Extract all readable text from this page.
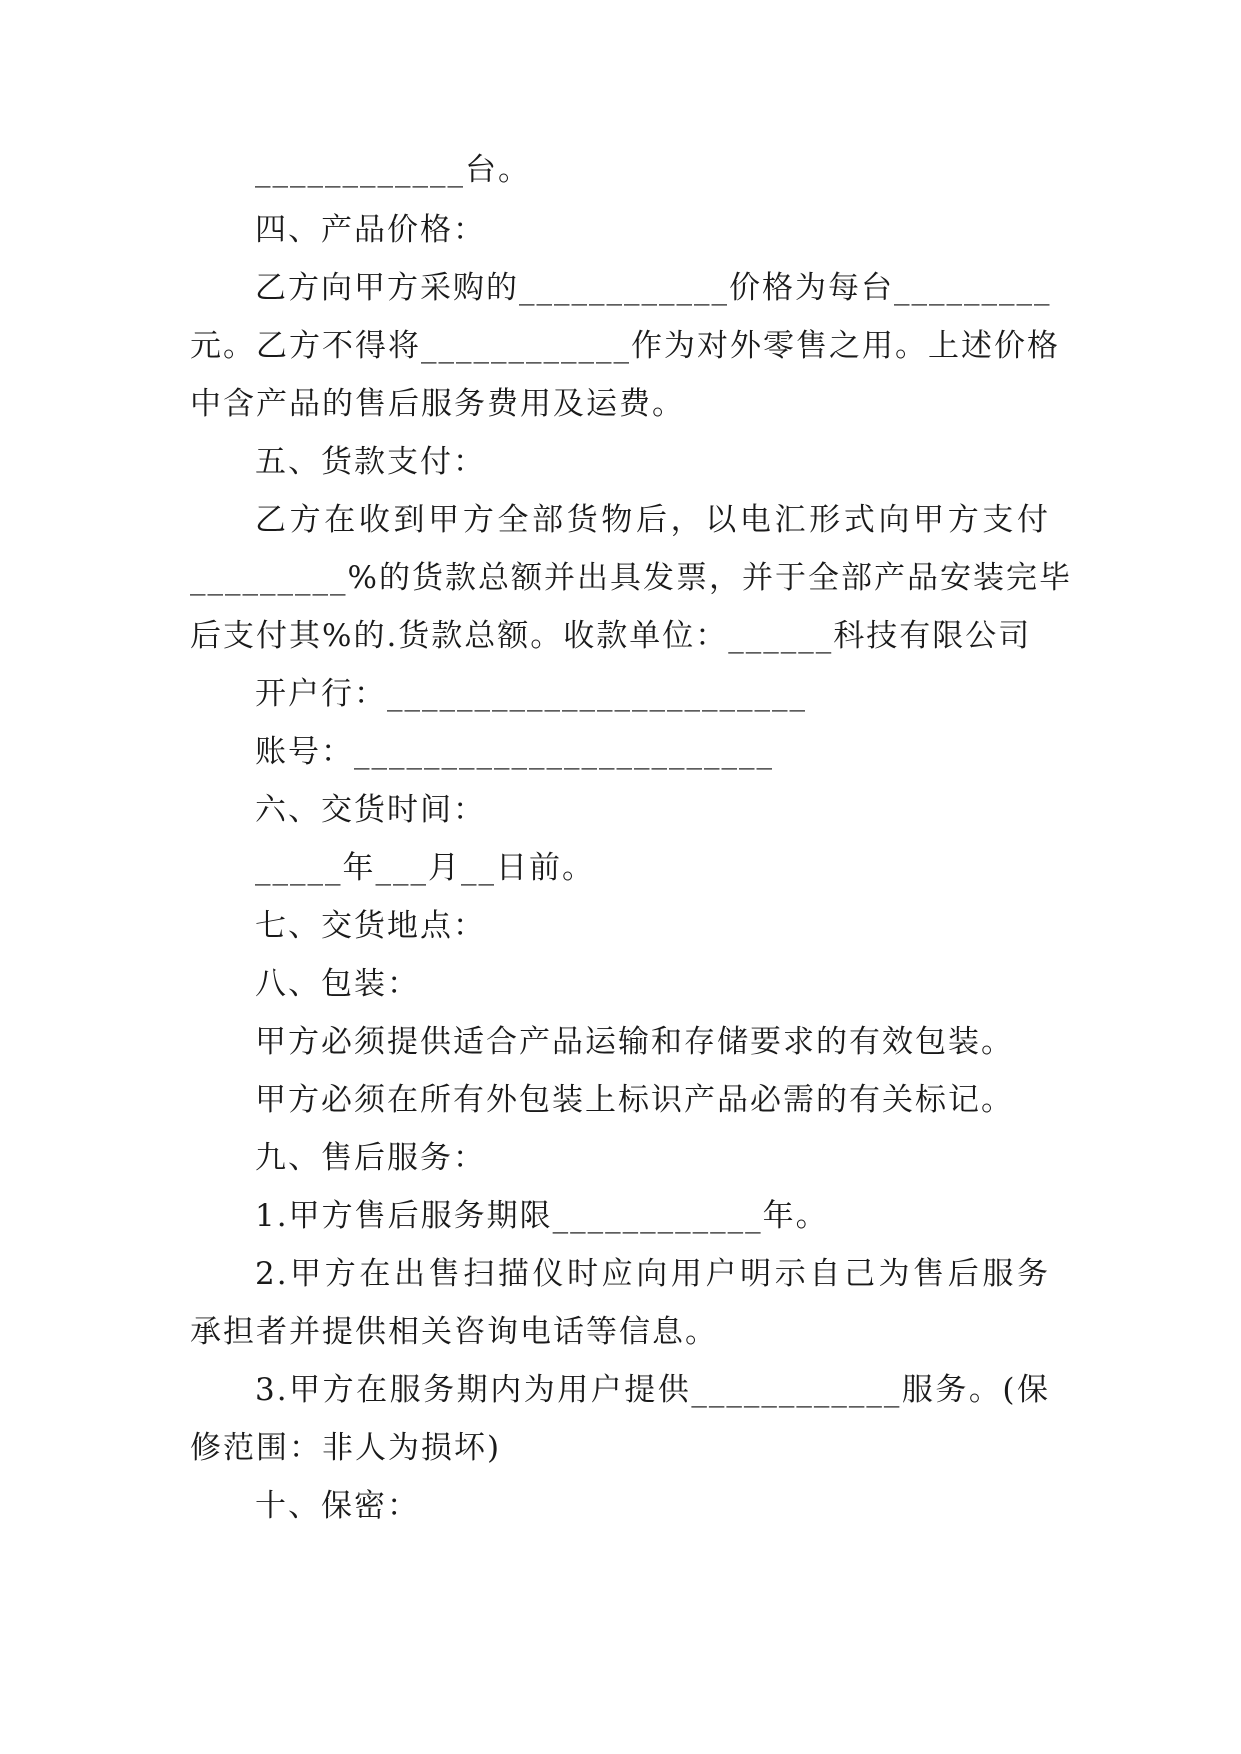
____________台。
四、产品价格：
乙方向甲方采购的____________价格为每台_________
元。乙方不得将____________作为对外零售之用。上述价格
中含产品的售后服务费用及运费。
五、货款支付：
乙方在收到甲方全部货物后，以电汇形式向甲方支付
_________%的货款总额并出具发票，并于全部产品安装完毕
后支付其%的.货款总额。收款单位：______科技有限公司
开户行：________________________
账号：________________________
六、交货时间：
_____年___月__日前。
七、交货地点：
八、包装：
甲方必须提供适合产品运输和存储要求的有效包装。
甲方必须在所有外包装上标识产品必需的有关标记。
九、售后服务：
1.甲方售后服务期限____________年。
2.甲方在出售扫描仪时应向用户明示自己为售后服务
承担者并提供相关咨询电话等信息。
3.甲方在服务期内为用户提供____________服务。(保
修范围：非人为损坏)
十、保密：
